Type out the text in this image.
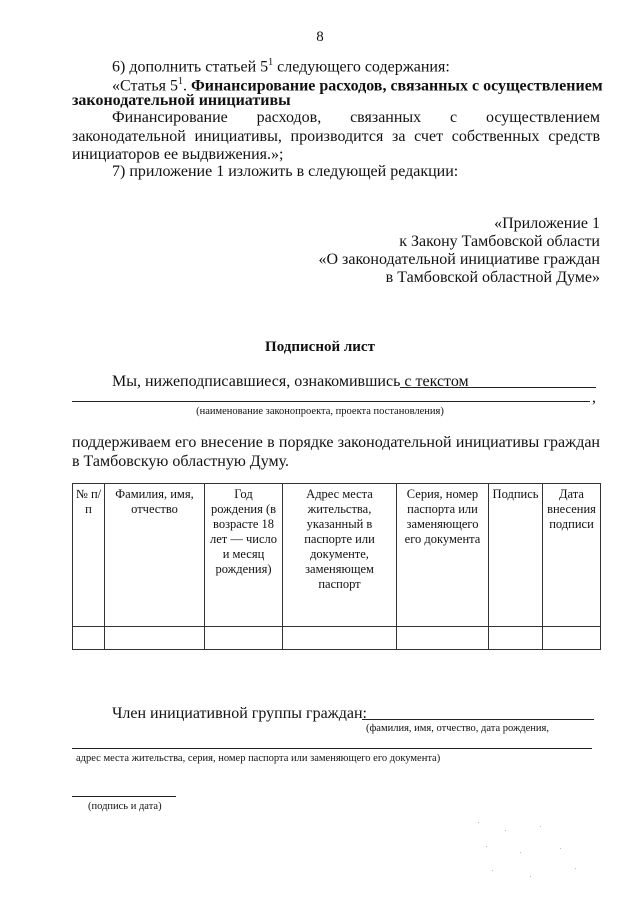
8
6) дополнить статьей $5^1$ следующего содержания:
«Статья $5^1$. Финансирование расходов, связанных с осуществлением
законодательной инициативы
Финансирование расходов, связанных с осуществлением
законодательной инициативы, производится за счет собственных средств
инициаторов ее выдвижения.»;
7) приложение 1 изложить в следующей редакции:
«Приложение 1
к Закону Тамбовской области
«О законодательной инициативе граждан
в Тамбовской областной Думе»
Подписной лист
Мы, нижеподписавшиеся, ознакомившись с текстом
,
(наименование законопроекта, проекта постановления)
поддерживаем его внесение в порядке законодательной инициативы граждан
в Тамбовскую областную Думу.
№ п/п	Фамилия, имя, отчество	Год рождения (в возрасте 18 лет — число и месяц рождения)	Адрес места жительства, указанный в паспорте или документе, заменяющем паспорт	Серия, номер паспорта или заменяющего его документа	Подпись	Дата внесения подписи

Член инициативной группы граждан:
(фамилия, имя, отчество, дата рождения,
адрес места жительства, серия, номер паспорта или заменяющего его документа)
(подпись и дата)
